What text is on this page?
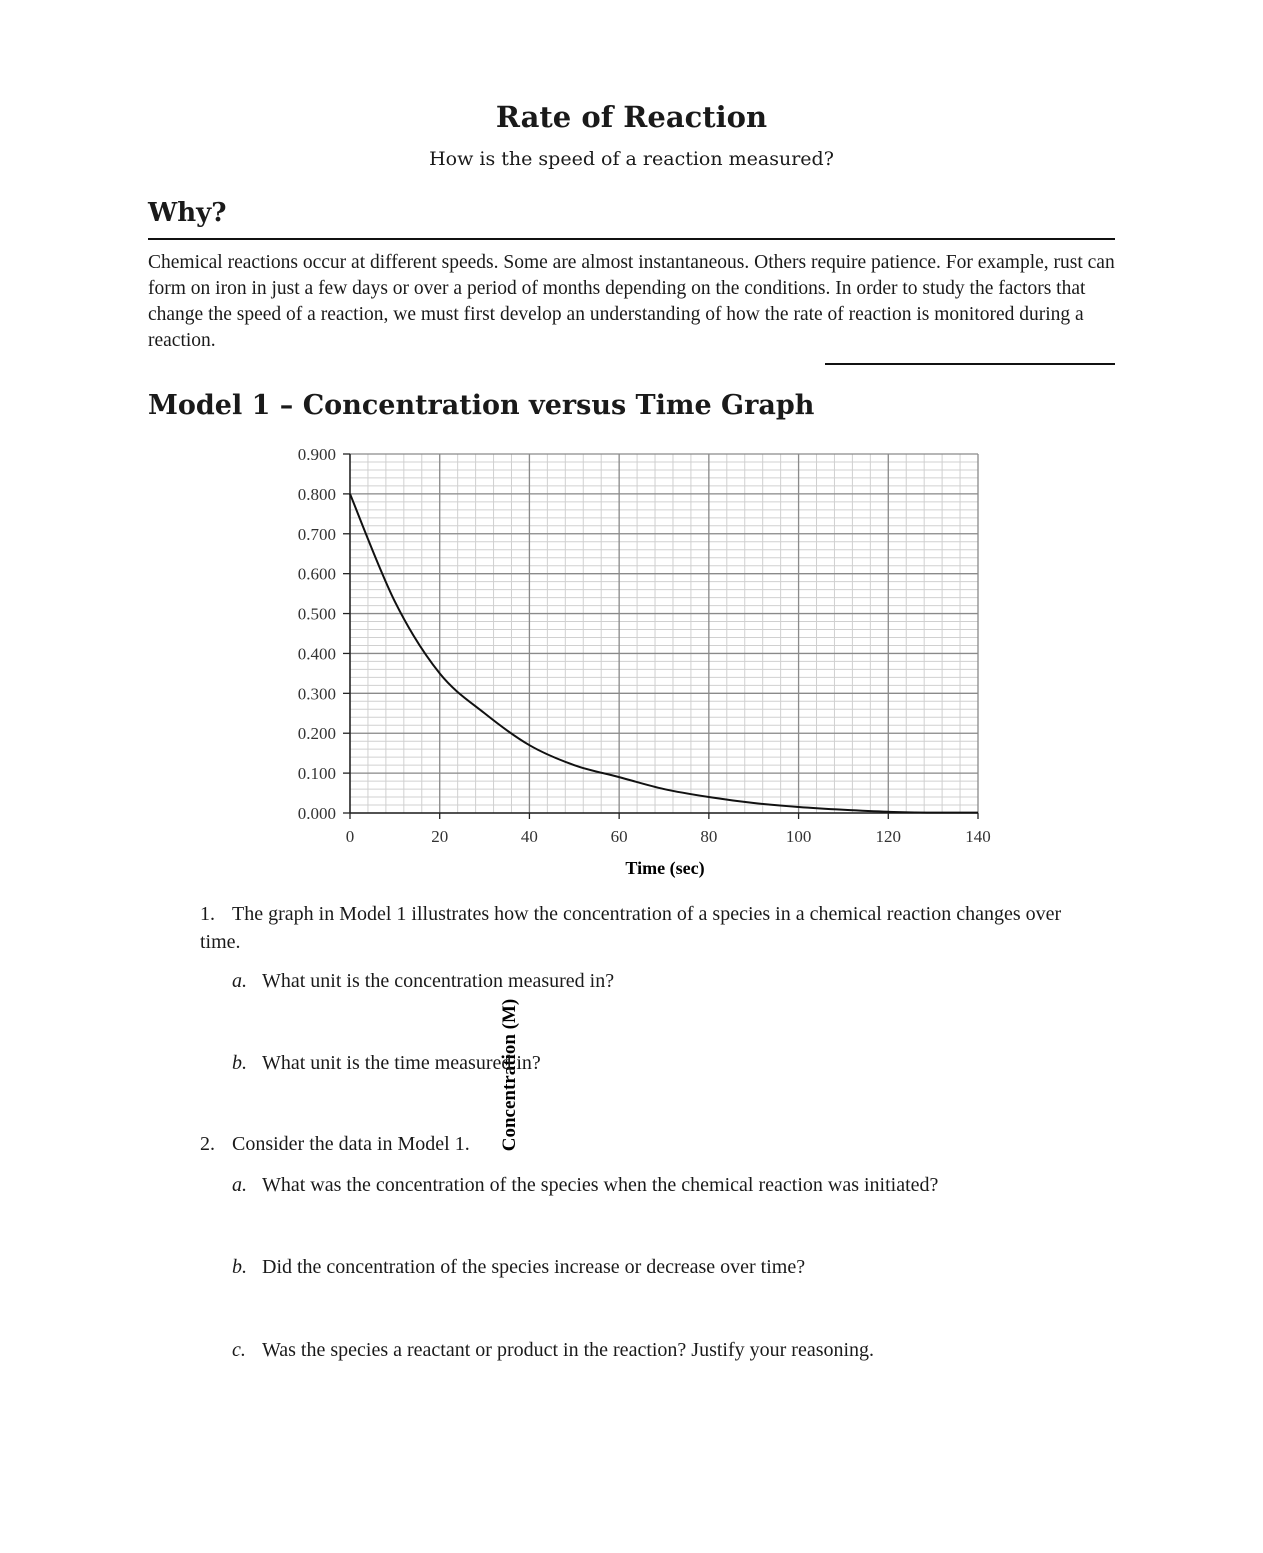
Rate of Reaction
How is the speed of a reaction measured?
Why?
Chemical reactions occur at different speeds. Some are almost instantaneous. Others require patience. For example, rust can form on iron in just a few days or over a period of months depending on the conditions. In order to study the factors that change the speed of a reaction, we must first develop an understanding of how the rate of reaction is monitored during a reaction.
Model 1 – Concentration versus Time Graph
0.000
0.100
0.200
0.300
0.400
0.500
0.600
0.700
0.800
0.900
0	20	40	60	80	100	120	140
Time (sec)
Concentration (M)
1. The graph in Model 1 illustrates how the concentration of a species in a chemical reaction changes over time.
a. What unit is the concentration measured in?
b. What unit is the time measured in?
2. Consider the data in Model 1.
a. What was the concentration of the species when the chemical reaction was initiated?
b. Did the concentration of the species increase or decrease over time?
c. Was the species a reactant or product in the reaction? Justify your reasoning.
